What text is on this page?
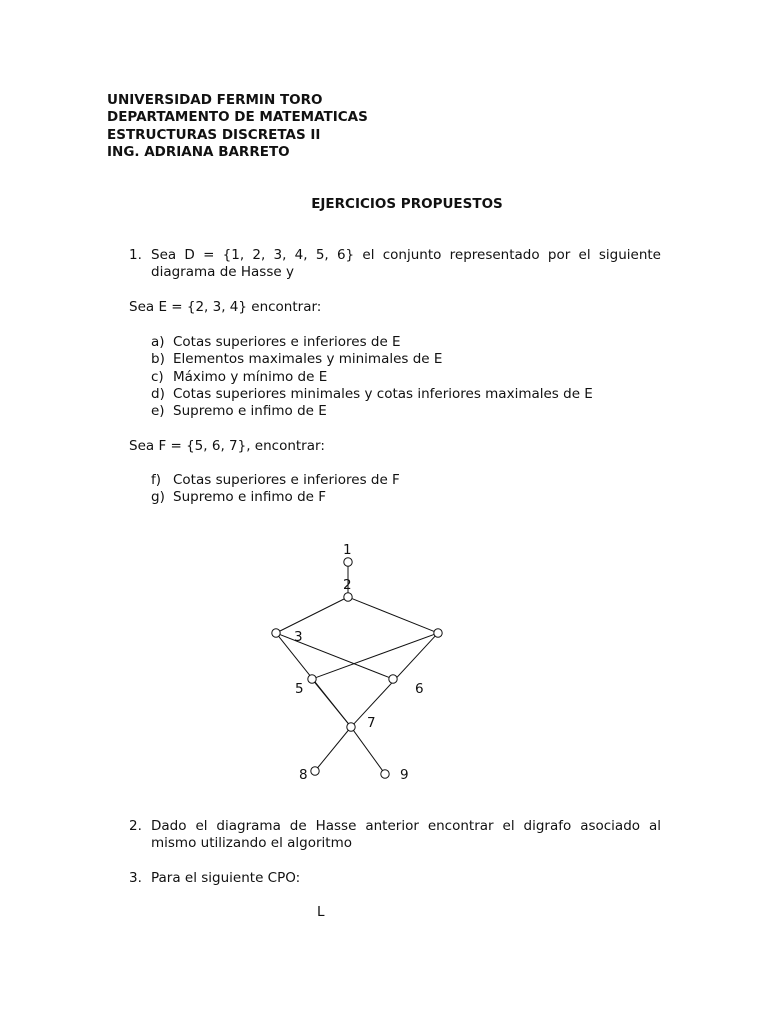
UNIVERSIDAD FERMIN TORO
DEPARTAMENTO DE MATEMATICAS
ESTRUCTURAS DISCRETAS II
ING. ADRIANA BARRETO
EJERCICIOS PROPUESTOS
1. Sea D = {1, 2, 3, 4, 5, 6} el conjunto representado por el siguiente diagrama de Hasse y
Sea E = {2, 3, 4} encontrar:
a) Cotas superiores e inferiores de E
b) Elementos maximales y minimales de E
c) Máximo y mínimo de E
d) Cotas superiores minimales y cotas inferiores maximales de E
e) Supremo e infimo de E
Sea F = {5, 6, 7}, encontrar:
f) Cotas superiores e inferiores de F
g) Supremo e infimo de F
1
2
3
5	6
7
8	9
2. Dado el diagrama de Hasse anterior encontrar el digrafo asociado al mismo utilizando el algoritmo
3. Para el siguiente CPO:
L
